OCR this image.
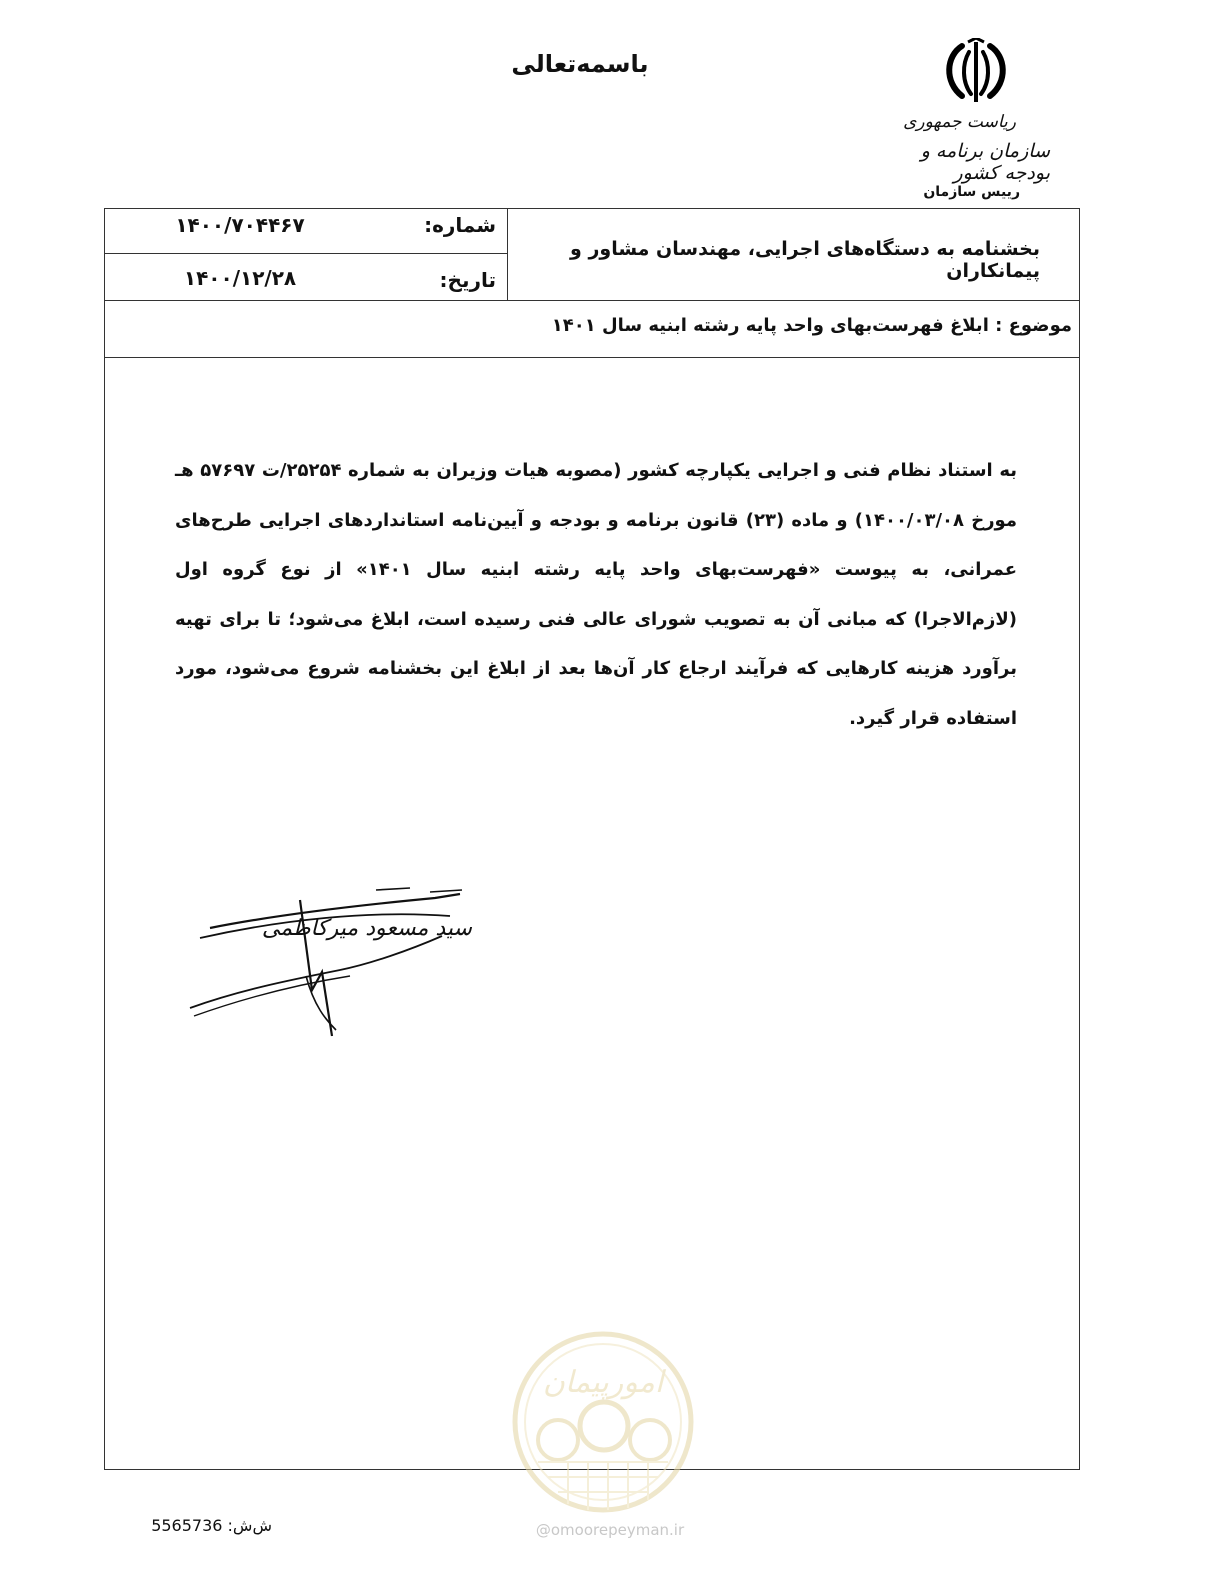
باسمه‌تعالی
ریاست جمهوری
سازمان برنامه و بودجه کشور
رییس سازمان
بخشنامه به دستگاه‌های اجرایی، مهندسان مشاور و پیمانکاران
شماره:
۱۴۰۰/۷۰۴۴۶۷
تاریخ:
۱۴۰۰/۱۲/۲۸
موضوع : ابلاغ فهرست‌بهای واحد پایه رشته ابنیه سال ۱۴۰۱
به استناد نظام فنی و اجرایی یکپارچه کشور (مصوبه هیات وزیران به شماره ۲۵۲۵۴/ت ۵۷۶۹۷ هـ مورخ ۱۴۰۰/۰۳/۰۸) و ماده (۲۳) قانون برنامه و بودجه و آیین‌نامه استانداردهای اجرایی طرح‌های عمرانی، به پیوست «فهرست‌بهای واحد پایه رشته ابنیه سال ۱۴۰۱» از نوع گروه اول (لازم‌الاجرا) که مبانی آن به تصویب شورای عالی فنی رسیده است، ابلاغ می‌شود؛ تا برای تهیه برآورد هزینه کارهایی که فرآیند ارجاع کار آن‌ها بعد از ابلاغ این بخشنامه شروع می‌شود، مورد استفاده قرار گیرد.
سید مسعود میرکاظمی
امورپیمان
@omoorepeyman.ir
ش‌ش: 5565736
